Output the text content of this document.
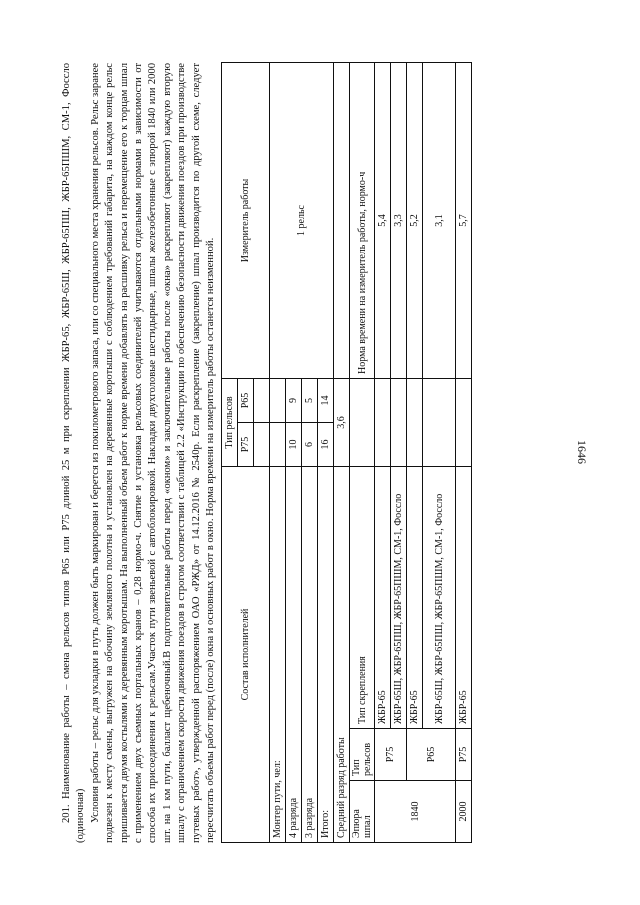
1646

201. Наименование работы – смена рельсов типов Р65 или Р75 длиной 25 м при скреплении ЖБР-65, ЖБР-65Ш, ЖБР-65ПШ, ЖБР-65ПШМ, СМ-1, Фоссло (одиночная) Условия работы – рельс для укладки в путь должен быть маркирован и берется из покилометрового запаса, или со специального места хранения рельсов. Рельс заранее подвезен к месту смены, выгружен на обочину земляного полотна и установлен на деревянные коротыши с соблюдением требований габарита, на каждом конце рельс пришивается двумя костылями к деревянным коротышам. На выполненный объем работ к норме времени добавлять на расшивку рельса и перемещение его к торцам шпал с применением двух съемных портальных кранов – 0,28 нормо-ч. Снятие и установка рельсовых соединителей учитываются отдельными нормами в зависимости от способа их присоединения к рельсам.Участок пути звеньевой с автоблокировкой. Накладки двухголовые шестидырные, шпалы железобетонные с эпюрой 1840 или 2000 шт. на 1 км пути, балласт щебеночный.В подготовительные работы перед «окном» и заключительные работы после «окна» раскрепляют (закрепляют) каждую вторую шпалу с ограничением скорости движения поездов в строгом соответствии с таблицей 2.2 «Инструкции по обеспечению безопасности движения поездов при производстве путевых работ», утвержденной распоряжением ОАО «РЖД» от 14.12.2016 № 2540р. Если раскрепление (закрепление) шпал производится по другой схеме, следует пересчитать объемы работ перед (после) окна и основных работ в окно. Норма времени на измеритель работы останется неизменной. Состав исполнителей			Тип рельсов		Измеритель работы
			Р75	Р65	

Монтер пути, чел:					1 рельс
4 разряда			10	9	
3 разряда			6	5	
Итого:			16	14	
Средний разряд работы			3,6		
Эпюра шпал	Тип рельсов	Тип скрепления			Норма времени на измеритель работы, нормо-ч
1840	Р75	ЖБР-65			5,4
		ЖБР-65Ш, ЖБР-65ПШ, ЖБР-65ПШМ, СМ-1, Фоссло			3,3
	Р65	ЖБР-65			5,2
		ЖБР-65Ш, ЖБР-65ПШ, ЖБР-65ПШМ, СМ-1, Фоссло			3,1

2000	Р75	ЖБР-65			5,7
